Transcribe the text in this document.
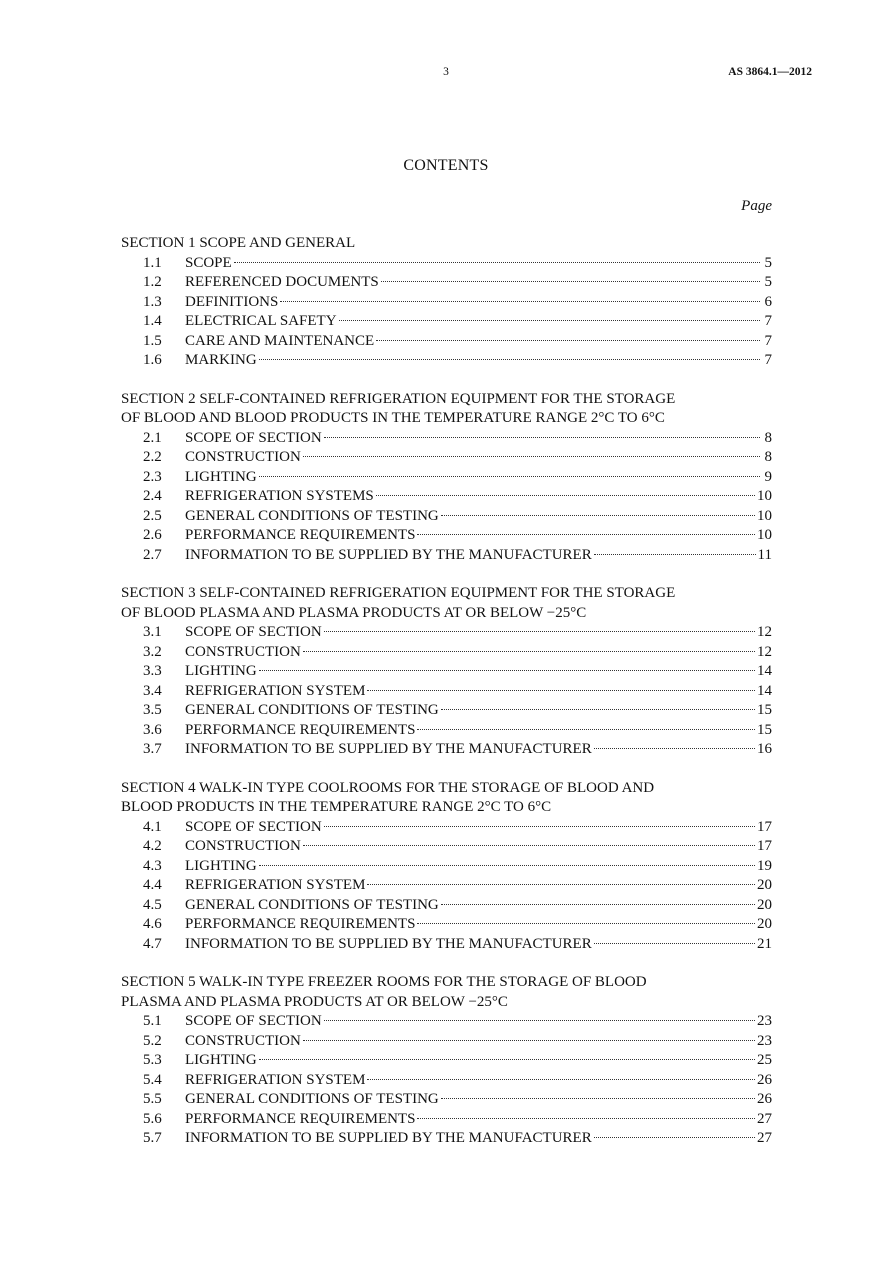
3	AS 3864.1—2012
CONTENTS
Page
SECTION 1 SCOPE AND GENERAL
1.1	SCOPE	5
1.2	REFERENCED DOCUMENTS	5
1.3	DEFINITIONS	6
1.4	ELECTRICAL SAFETY	7
1.5	CARE AND MAINTENANCE	7
1.6	MARKING	7
SECTION 2 SELF-CONTAINED REFRIGERATION EQUIPMENT FOR THE STORAGE
OF BLOOD AND BLOOD PRODUCTS IN THE TEMPERATURE RANGE 2°C TO 6°C
2.1	SCOPE OF SECTION	8
2.2	CONSTRUCTION	8
2.3	LIGHTING	9
2.4	REFRIGERATION SYSTEMS	10
2.5	GENERAL CONDITIONS OF TESTING	10
2.6	PERFORMANCE REQUIREMENTS	10
2.7	INFORMATION TO BE SUPPLIED BY THE MANUFACTURER	11
SECTION 3 SELF-CONTAINED REFRIGERATION EQUIPMENT FOR THE STORAGE
OF BLOOD PLASMA AND PLASMA PRODUCTS AT OR BELOW −25°C
3.1	SCOPE OF SECTION	12
3.2	CONSTRUCTION	12
3.3	LIGHTING	14
3.4	REFRIGERATION SYSTEM	14
3.5	GENERAL CONDITIONS OF TESTING	15
3.6	PERFORMANCE REQUIREMENTS	15
3.7	INFORMATION TO BE SUPPLIED BY THE MANUFACTURER	16
SECTION 4 WALK-IN TYPE COOLROOMS FOR THE STORAGE OF BLOOD AND
BLOOD PRODUCTS IN THE TEMPERATURE RANGE 2°C TO 6°C
4.1	SCOPE OF SECTION	17
4.2	CONSTRUCTION	17
4.3	LIGHTING	19
4.4	REFRIGERATION SYSTEM	20
4.5	GENERAL CONDITIONS OF TESTING	20
4.6	PERFORMANCE REQUIREMENTS	20
4.7	INFORMATION TO BE SUPPLIED BY THE MANUFACTURER	21
SECTION 5 WALK-IN TYPE FREEZER ROOMS FOR THE STORAGE OF BLOOD
PLASMA AND PLASMA PRODUCTS AT OR BELOW −25°C
5.1	SCOPE OF SECTION	23
5.2	CONSTRUCTION	23
5.3	LIGHTING	25
5.4	REFRIGERATION SYSTEM	26
5.5	GENERAL CONDITIONS OF TESTING	26
5.6	PERFORMANCE REQUIREMENTS	27
5.7	INFORMATION TO BE SUPPLIED BY THE MANUFACTURER	27
